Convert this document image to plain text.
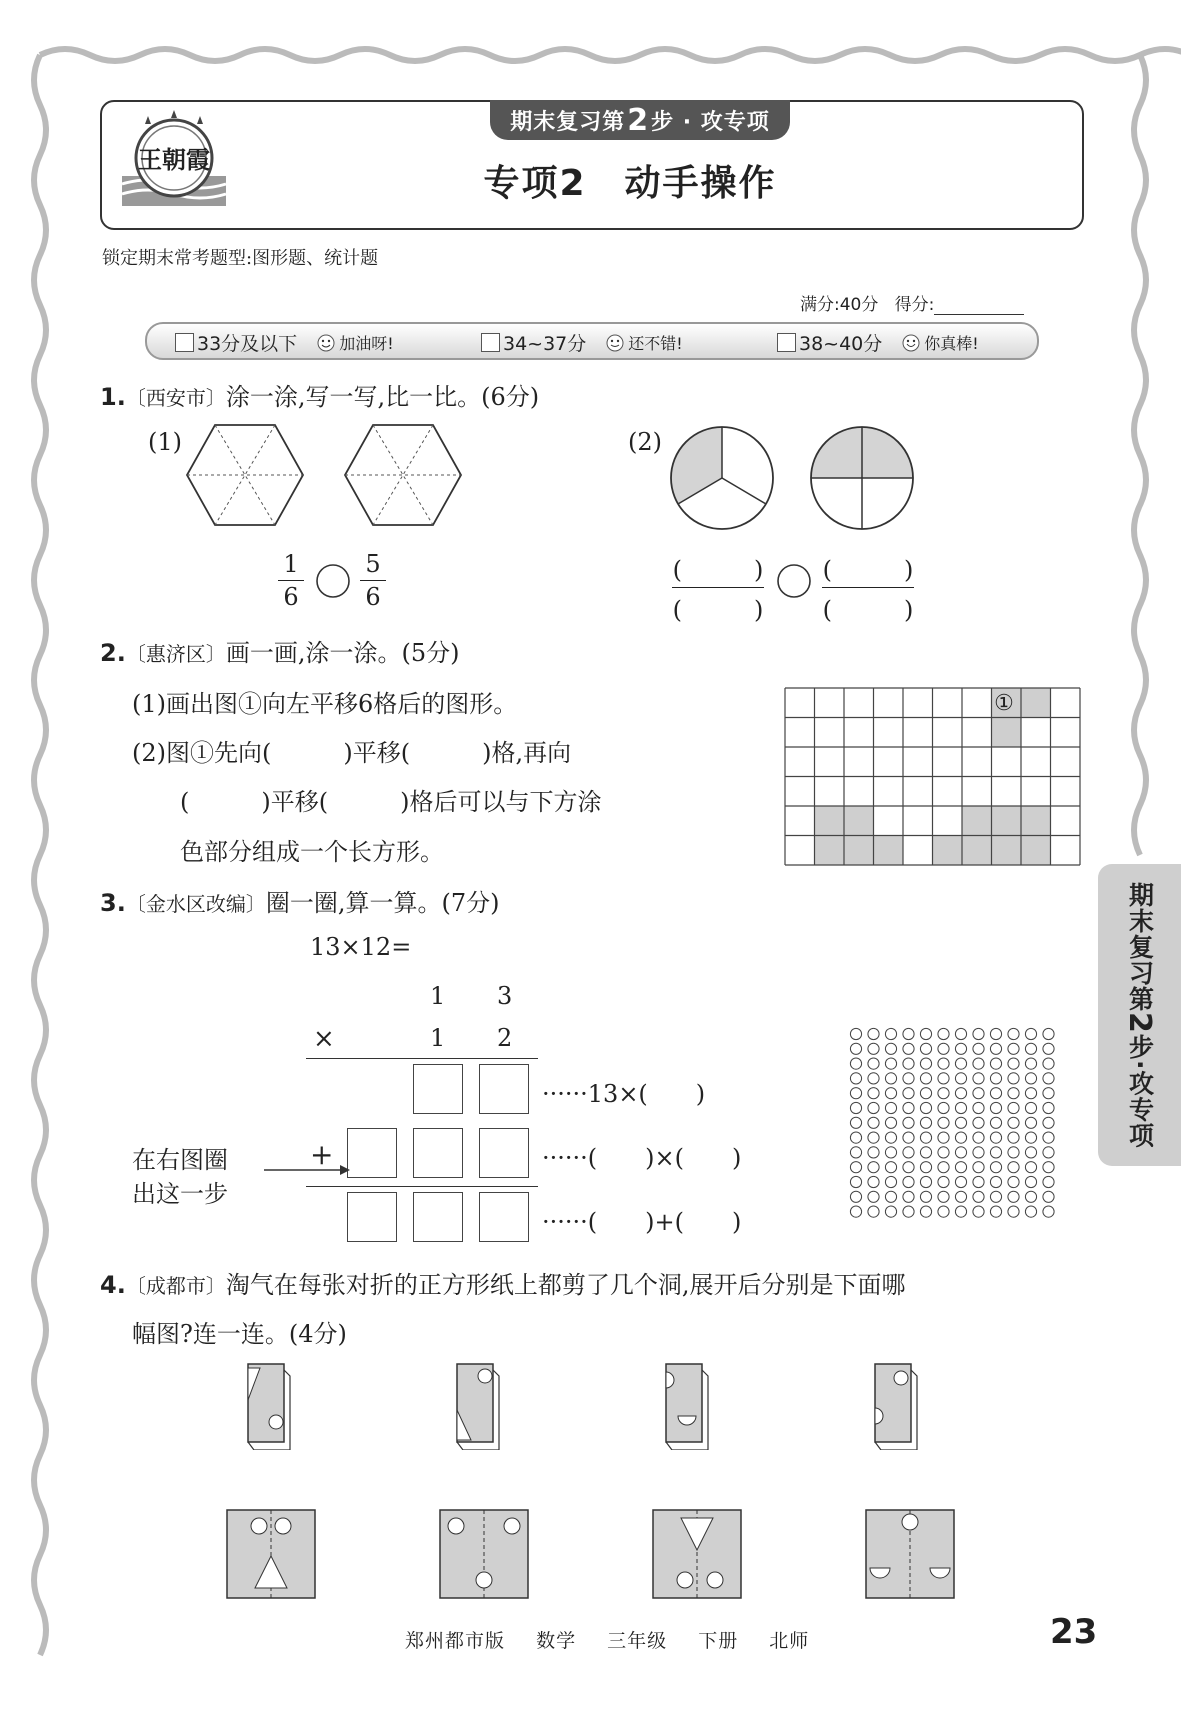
王朝霞
期末复习第 2 步 · 攻专项
专项2　动手操作
锁定期末常考题型:图形题、统计题
满分:40分 得分:
33分及以下	加油呀!	34~37分	还不错!	38~40分	你真棒!
1.〔西安市〕涂一涂,写一写,比一比。(6分)
(1)	(2)
1
6
5
6
(　　　)
(　　　)
(　　　)
(　　　)
2.〔惠济区〕画一画,涂一涂。(5分)
(1)画出图①向左平移6格后的图形。
(2)图①先向(　　　)平移(　　　)格,再向
(　　　)平移(　　　)格后可以与下方涂
色部分组成一个长方形。
①
3.〔金水区改编〕圈一圈,算一算。(7分)
13×12=
1 3
×	1 2
······13×(　　)
+	······(　　)×(　　)
······(　　)+(　　)
在右图圈
出这一步
4.〔成都市〕淘气在每张对折的正方形纸上都剪了几个洞,展开后分别是下面哪
幅图?连一连。(4分)
期末复习第
2
步·攻专项
郑州都市版 数学 三年级 下册 北师	23
